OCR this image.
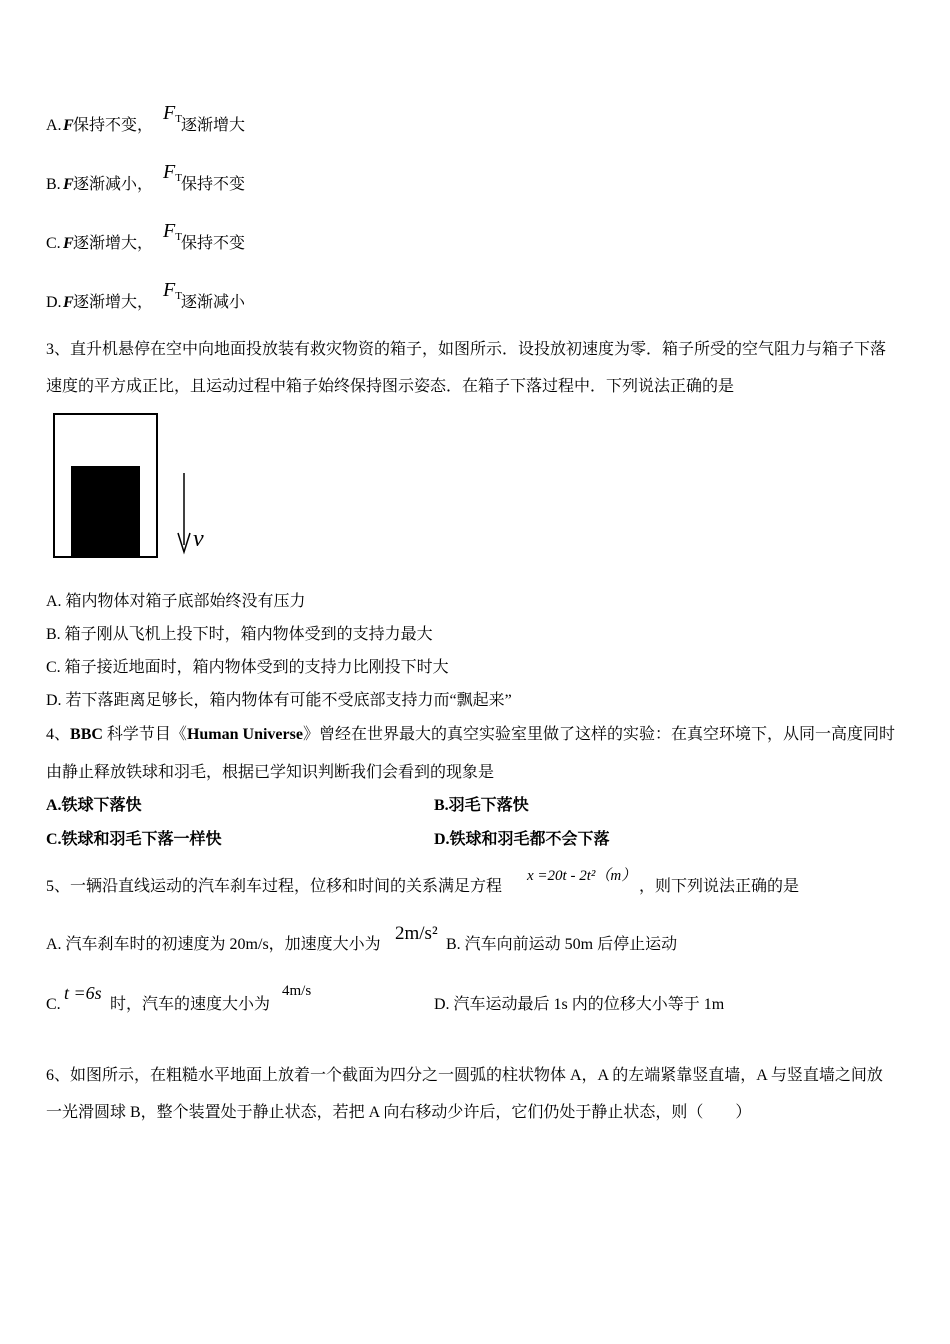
A. F 保持不变，
$F_T$ 逐渐增大
B. F 逐渐减小，
$F_T$ 保持不变
C. F 逐渐增大，
$F_T$ 保持不变
D. F 逐渐增大，
$F_T$ 逐渐减小
3、直升机悬停在空中向地面投放装有救灾物资的箱子，如图所示．设投放初速度为零．箱子所受的空气阻力与箱子下落
速度的平方成正比，且运动过程中箱子始终保持图示姿态．在箱子下落过程中．下列说法正确的是
v
A. 箱内物体对箱子底部始终没有压力
B. 箱子刚从飞机上投下时，箱内物体受到的支持力最大
C. 箱子接近地面时，箱内物体受到的支持力比刚投下时大
D. 若下落距离足够长，箱内物体有可能不受底部支持力而“飘起来”
4、BBC 科学节目《Human Universe》曾经在世界最大的真空实验室里做了这样的实验：在真空环境下，从同一高度同时
由静止释放铁球和羽毛，根据已学知识判断我们会看到的现象是
A.铁球下落快	B.羽毛下落快
C.铁球和羽毛下落一样快	D.铁球和羽毛都不会下落
5、一辆沿直线运动的汽车刹车过程，位移和时间的关系满足方程
x =20t - 2t²（m）
，则下列说法正确的是
A. 汽车刹车时的初速度为 20m/s，加速度大小为
2m/s²
B. 汽车向前运动 50m 后停止运动
C.
t =6s
时，汽车的速度大小为
4m/s
D. 汽车运动最后 1s 内的位移大小等于 1m
6、如图所示，在粗糙水平地面上放着一个截面为四分之一圆弧的柱状物体 A，A 的左端紧靠竖直墙，A 与竖直墙之间放
一光滑圆球 B，整个装置处于静止状态，若把 A 向右移动少许后，它们仍处于静止状态，则（　　）
